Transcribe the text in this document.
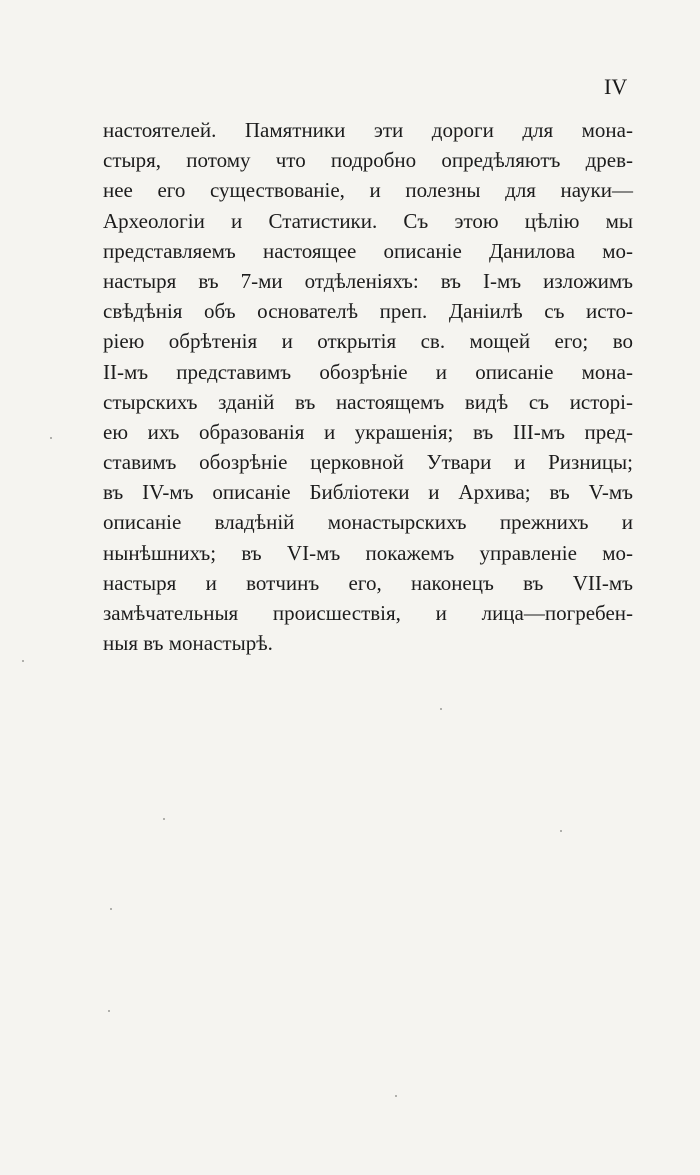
IV

настоятелей. Памятники эти дороги для мона-
стыря, потому что подробно опредѣляютъ древ-
нее его существованіе, и полезны для науки—
Археологіи и Статистики. Съ этою цѣлію мы
представляемъ настоящее описаніе Данилова мо-
настыря въ 7-ми отдѣленіяхъ: въ I-мъ изложимъ
свѣдѣнія объ основателѣ преп. Даніилѣ съ исто-
ріею обрѣтенія и открытія св. мощей его; во
II-мъ представимъ обозрѣніе и описаніе мона-
стырскихъ зданій въ настоящемъ видѣ съ исторі-
ею ихъ образованія и украшенія; въ III-мъ пред-
ставимъ обозрѣніе церковной Утвари и Ризницы;
въ IV-мъ описаніе Библіотеки и Архива; въ V-мъ
описаніе владѣній монастырскихъ прежнихъ и
нынѣшнихъ; въ VI-мъ покажемъ управленіе мо-
настыря и вотчинъ его, наконецъ въ VII-мъ
замѣчательныя происшествія, и лица—погребен-
ныя въ монастырѣ.
